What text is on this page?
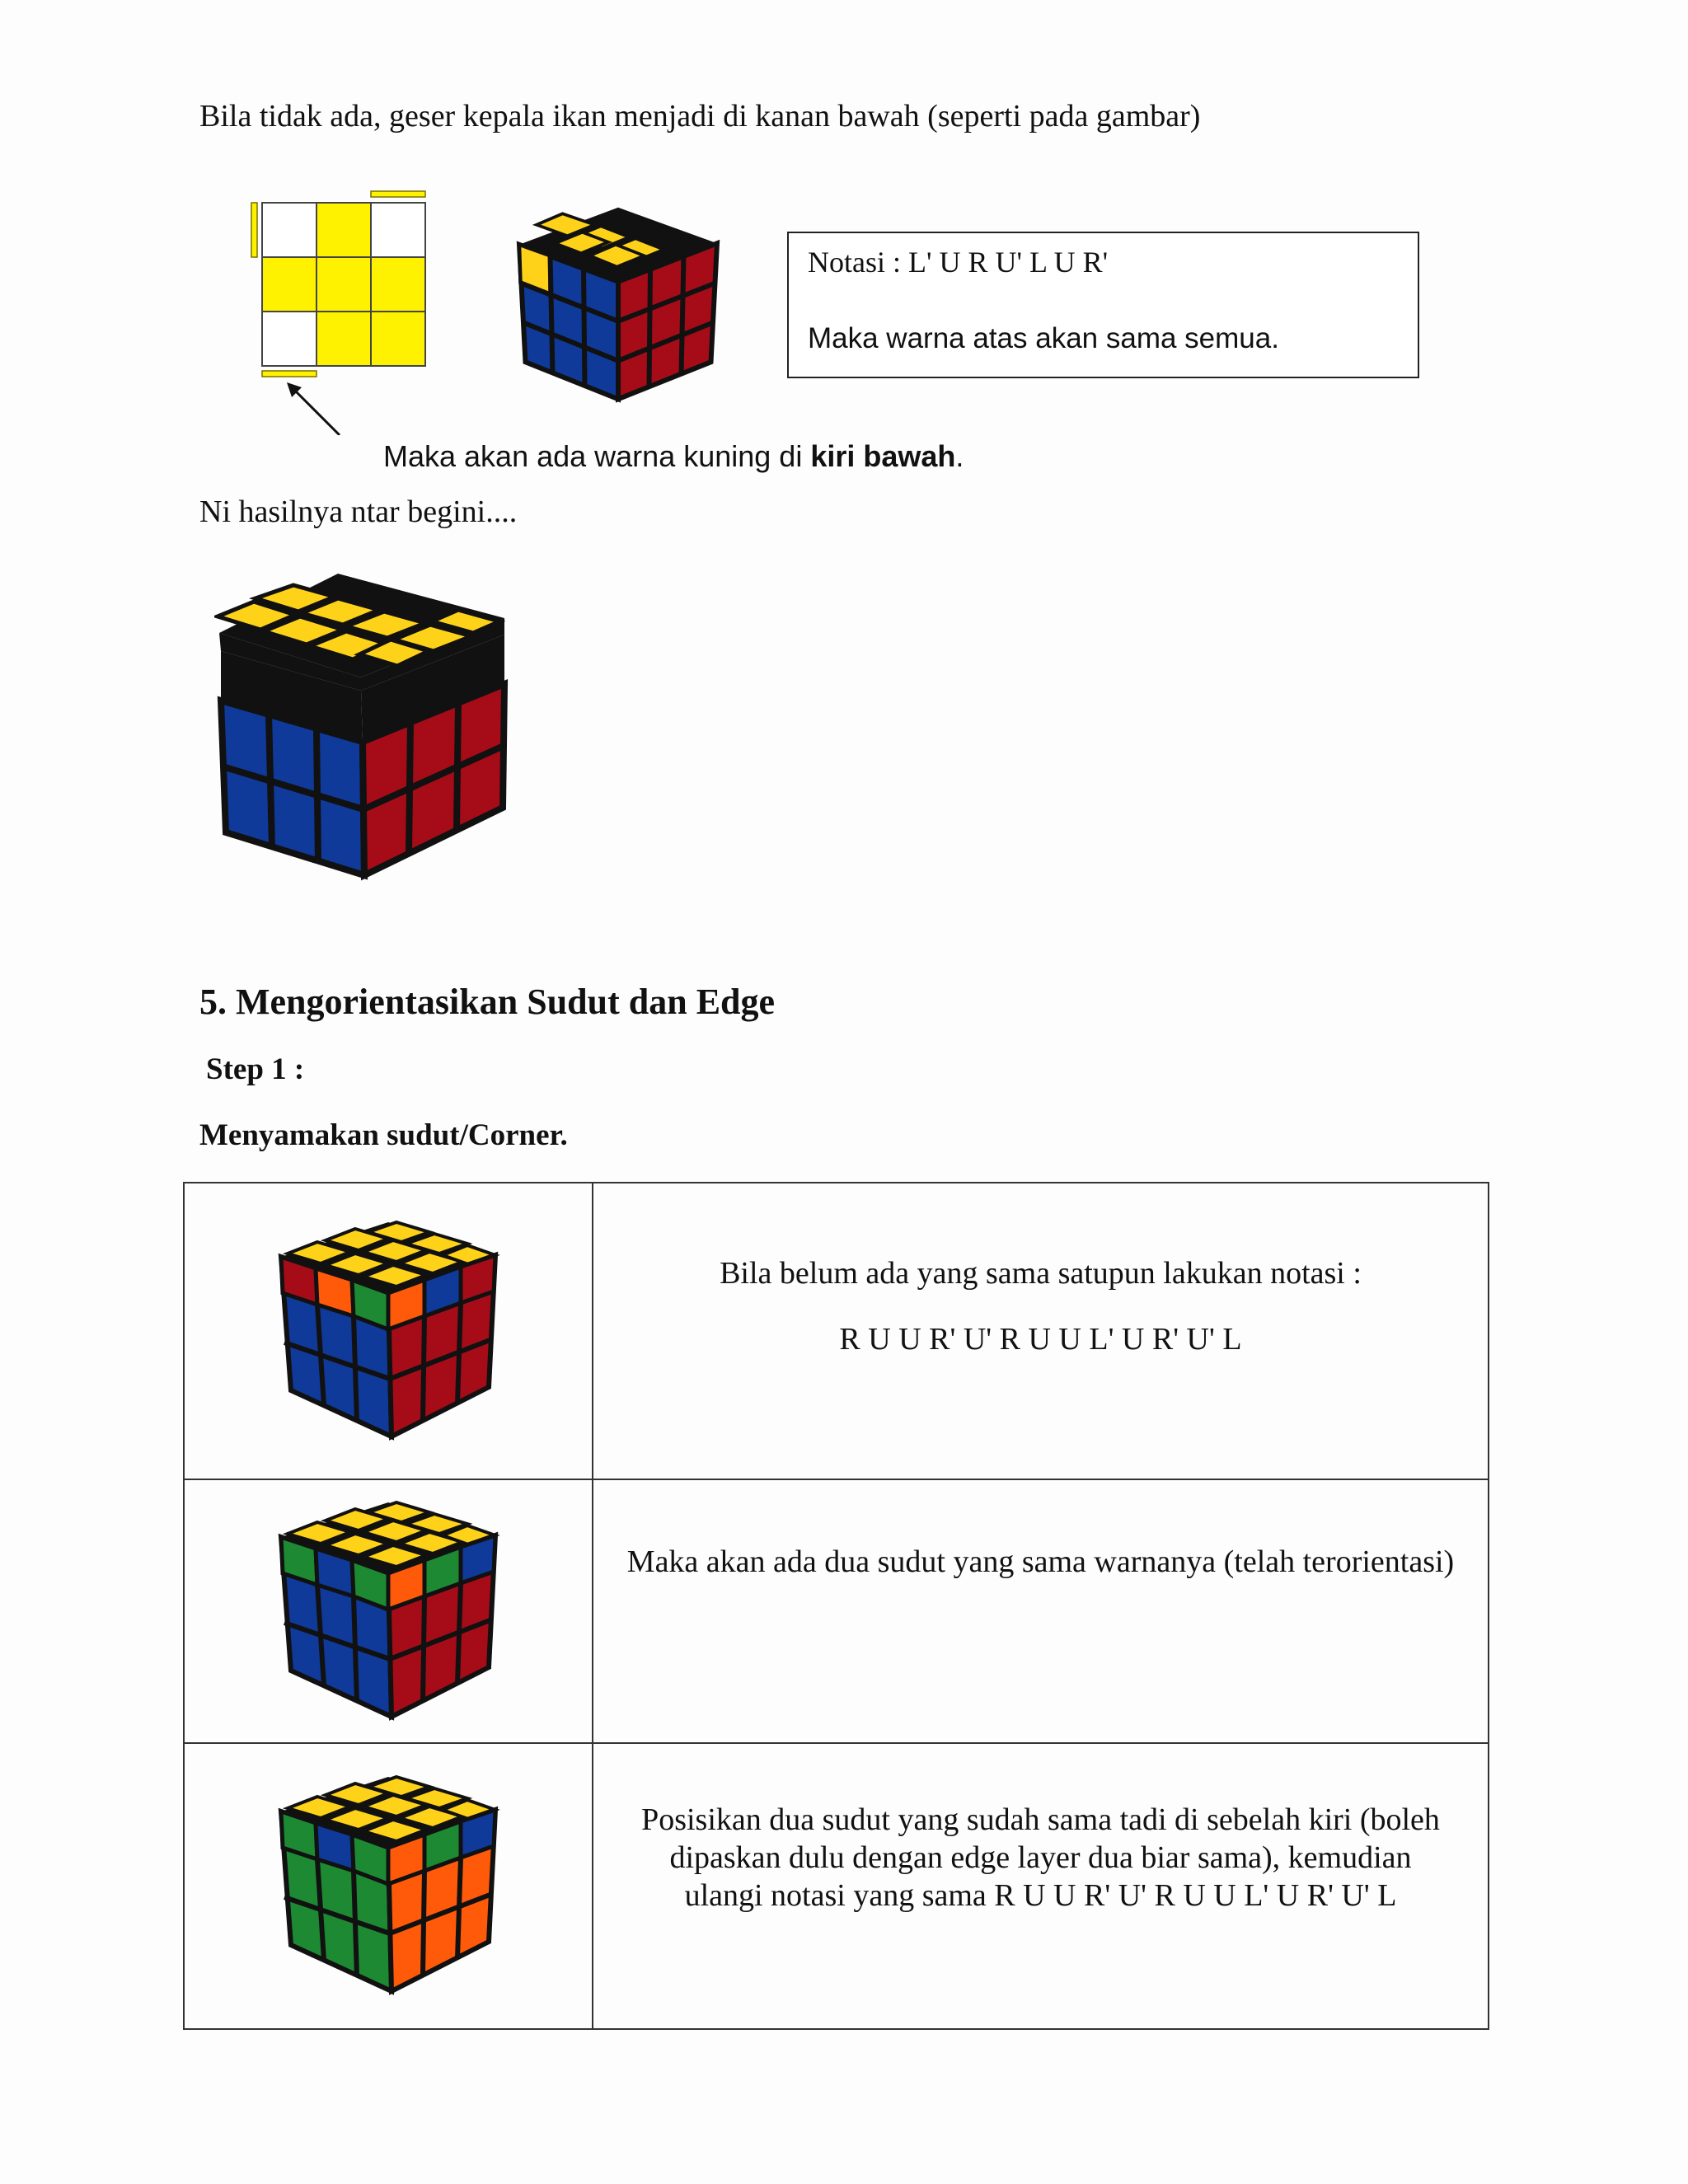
Bila tidak ada, geser kepala ikan menjadi di kanan bawah (seperti pada gambar)
Notasi : L' U R U' L U R'
Maka warna atas akan sama semua.
Maka akan ada warna kuning di kiri bawah.
Ni hasilnya ntar begini....
5. Mengorientasikan Sudut dan Edge
Step 1 :
Menyamakan sudut/Corner.

Bila belum ada yang sama satupun lakukan notasi :
R U U R' U' R U U L' U R' U' L

Maka akan ada dua sudut yang sama warnanya (telah terorientasi)

Posisikan dua sudut yang sudah sama tadi di sebelah kiri (boleh
dipaskan dulu dengan edge layer dua biar sama), kemudian
ulangi notasi yang sama R U U R' U' R U U L' U R' U' L
